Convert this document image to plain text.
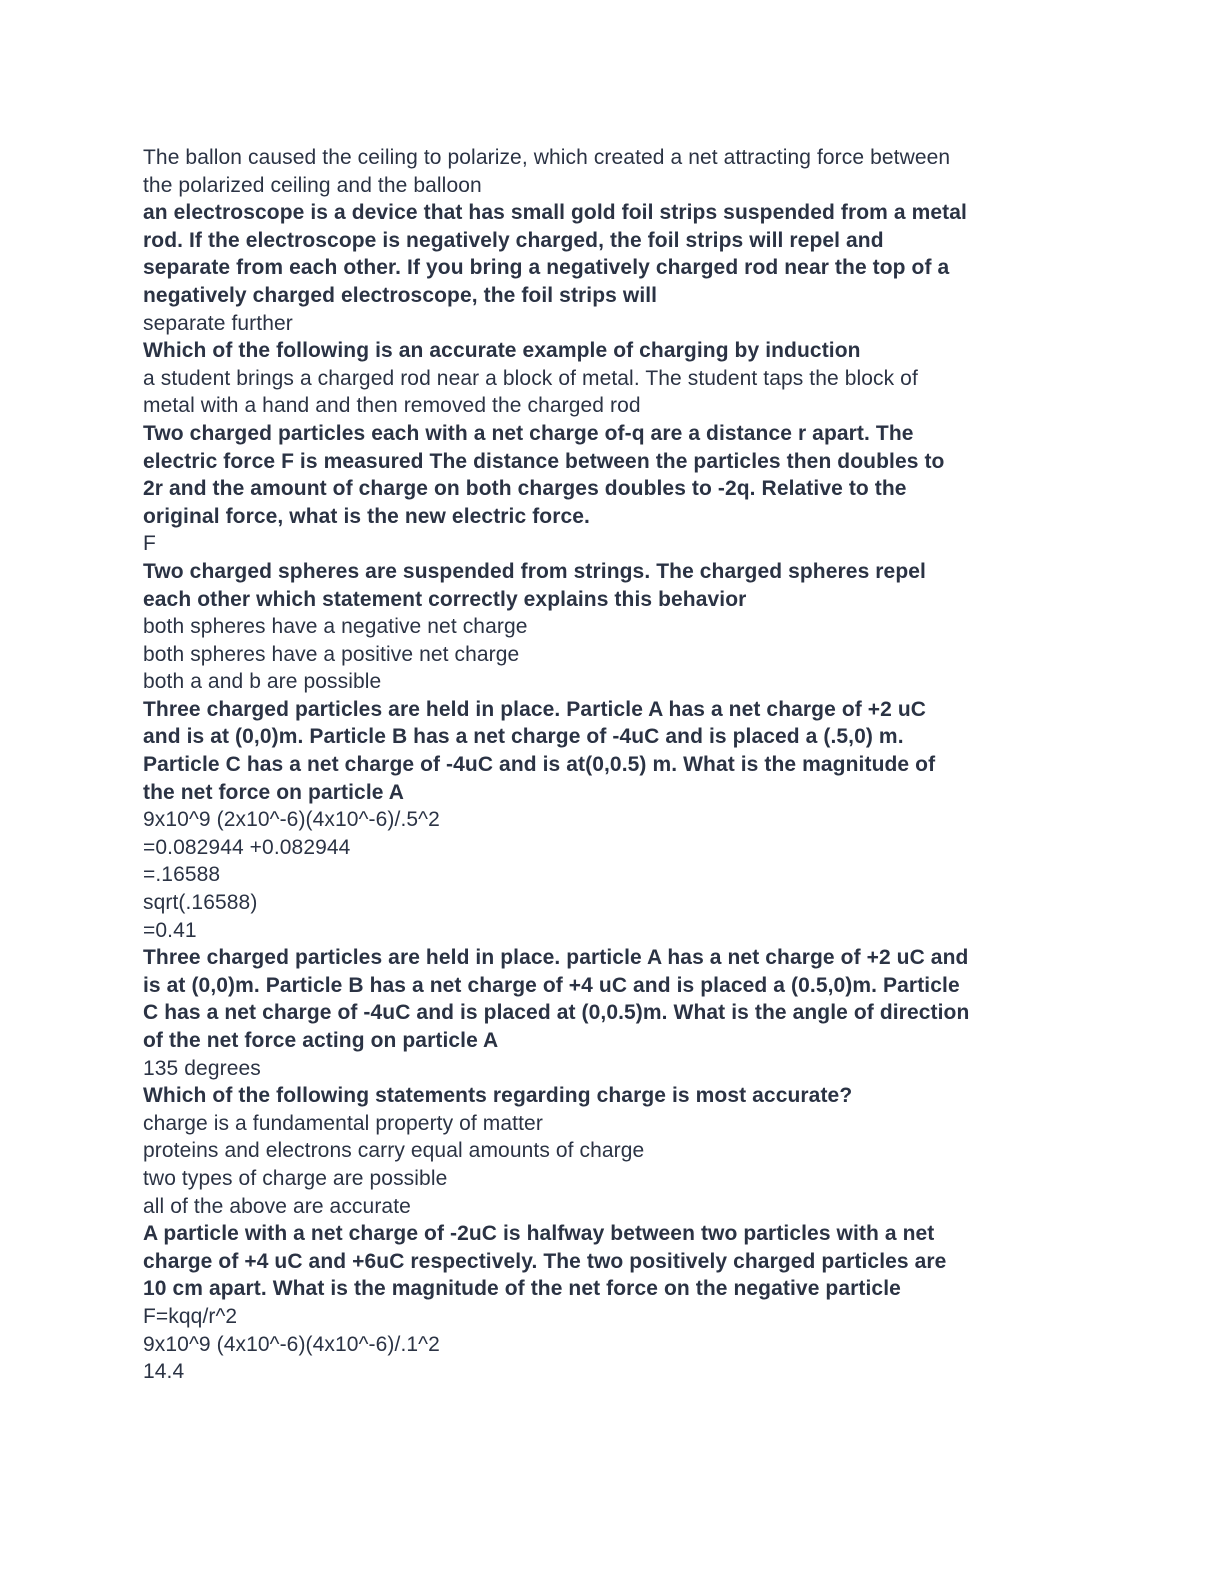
The ballon caused the ceiling to polarize, which created a net attracting force between
the polarized ceiling and the balloon
an electroscope is a device that has small gold foil strips suspended from a metal
rod. If the electroscope is negatively charged, the foil strips will repel and
separate from each other. If you bring a negatively charged rod near the top of a
negatively charged electroscope, the foil strips will
separate further
Which of the following is an accurate example of charging by induction
a student brings a charged rod near a block of metal. The student taps the block of
metal with a hand and then removed the charged rod
Two charged particles each with a net charge of-q are a distance r apart. The
electric force F is measured The distance between the particles then doubles to
2r and the amount of charge on both charges doubles to -2q. Relative to the
original force, what is the new electric force.
F
Two charged spheres are suspended from strings. The charged spheres repel
each other which statement correctly explains this behavior
both spheres have a negative net charge
both spheres have a positive net charge
both a and b are possible
Three charged particles are held in place. Particle A has a net charge of +2 uC
and is at (0,0)m. Particle B has a net charge of -4uC and is placed a (.5,0) m.
Particle C has a net charge of -4uC and is at(0,0.5) m. What is the magnitude of
the net force on particle A
9x10^9 (2x10^-6)(4x10^-6)/.5^2
=0.082944 +0.082944
=.16588
sqrt(.16588)
=0.41
Three charged particles are held in place. particle A has a net charge of +2 uC and
is at (0,0)m. Particle B has a net charge of +4 uC and is placed a (0.5,0)m. Particle
C has a net charge of -4uC and is placed at (0,0.5)m. What is the angle of direction
of the net force acting on particle A
135 degrees
Which of the following statements regarding charge is most accurate?
charge is a fundamental property of matter
proteins and electrons carry equal amounts of charge
two types of charge are possible
all of the above are accurate
A particle with a net charge of -2uC is halfway between two particles with a net
charge of +4 uC and +6uC respectively. The two positively charged particles are
10 cm apart. What is the magnitude of the net force on the negative particle
F=kqq/r^2
9x10^9 (4x10^-6)(4x10^-6)/.1^2
14.4
